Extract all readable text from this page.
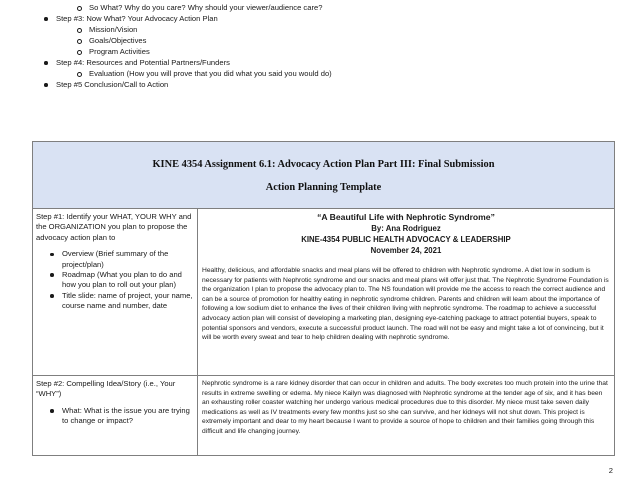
So What? Why do you care? Why should your viewer/audience care?
Step #3: Now What? Your Advocacy Action Plan
Mission/Vision
Goals/Objectives
Program Activities
Step #4: Resources and Potential Partners/Funders
Evaluation (How you will prove that you did what you said you would do)
Step #5 Conclusion/Call to Action
KINE 4354 Assignment 6.1: Advocacy Action Plan Part III: Final Submission
Action Planning Template
Step #1: Identify your WHAT, YOUR WHY and the ORGANIZATION you plan to propose the advocacy action plan to
Overview (Brief summary of the project/plan)
Roadmap (What you plan to do and how you plan to roll out your plan)
Title slide: name of project, your name, course name and number, date
“A Beautiful Life with Nephrotic Syndrome”
By: Ana Rodriguez
KINE-4354 PUBLIC HEALTH ADVOCACY & LEADERSHIP
November 24, 2021
Healthy, delicious, and affordable snacks and meal plans will be offered to children with Nephrotic syndrome. A diet low in sodium is necessary for patients with Nephrotic syndrome and our snacks and meal plans will offer just that. The Nephrotic Syndrome Foundation is the organization I plan to propose the advocacy plan to. The NS foundation will provide me the access to reach the correct audience and can be a source of promotion for healthy eating in nephrotic syndrome children. Parents and children will learn about the importance of following a low sodium diet to enhance the lives of their children living with nephrotic syndrome. The roadmap to achieve a successful advocacy action plan will consist of developing a marketing plan, designing eye-catching package to attract potential buyers, speak to potential sponsors and vendors, execute a successful product launch. The road will not be easy and might take a lot of convincing, but it will be worth every sweat and tear to help children dealing with nephrotic syndrome.
Step #2: Compelling Idea/Story (i.e., Your “WHY”)
What: What is the issue you are trying to change or impact?
Nephrotic syndrome is a rare kidney disorder that can occur in children and adults. The body excretes too much protein into the urine that results in extreme swelling or edema. My niece Kailyn was diagnosed with Nephrotic syndrome at the tender age of six, and it has been an exhausting roller coaster watching her undergo various medical procedures due to this disorder. My niece must take seven daily medications as well as IV treatments every few months just so she can survive, and her kidneys will not shut down. This project is extremely important and dear to my heart because I want to provide a source of hope to children and their families going through this difficult and life changing journey.
2
